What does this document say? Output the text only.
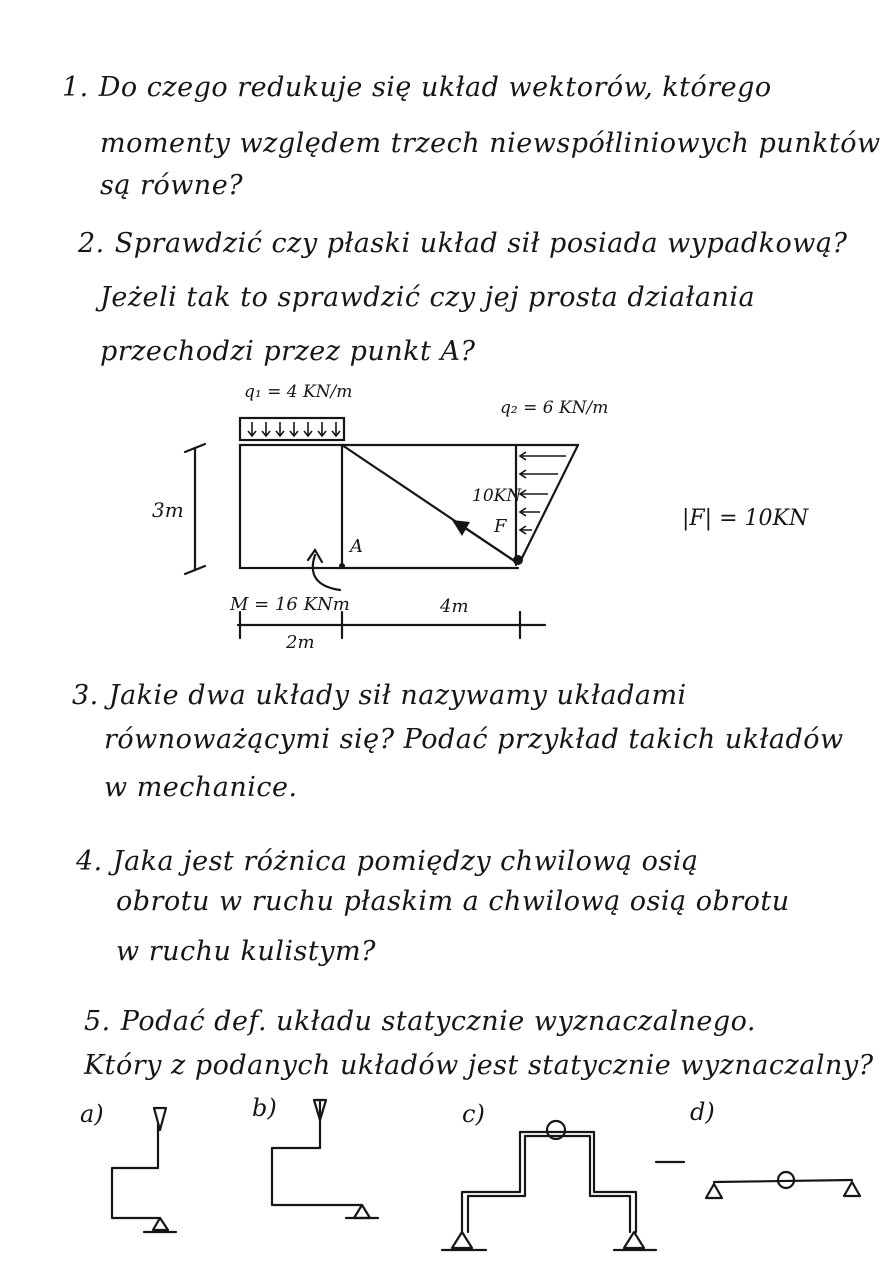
1. Do czego redukuje się układ wektorów, którego
momenty względem trzech niewspółliniowych punktów
są równe?
2. Sprawdzić czy płaski układ sił posiada wypadkową?
Jeżeli tak to sprawdzić czy jej prosta działania
przechodzi przez punkt A?
q₁ = 4 KN/m
q₂ = 6 KN/m
3m
A
10KN
F
M = 16 KNm	4m
2m
|F| = 10KN
3. Jakie dwa układy sił nazywamy układami
równoważącymi się? Podać przykład takich układów
w mechanice.
4. Jaka jest różnica pomiędzy chwilową osią
obrotu w ruchu płaskim a chwilową osią obrotu
w ruchu kulistym?
5. Podać def. układu statycznie wyznaczalnego.
Który z podanych układów jest statycznie wyznaczalny?
a)	b)	c)	d)
